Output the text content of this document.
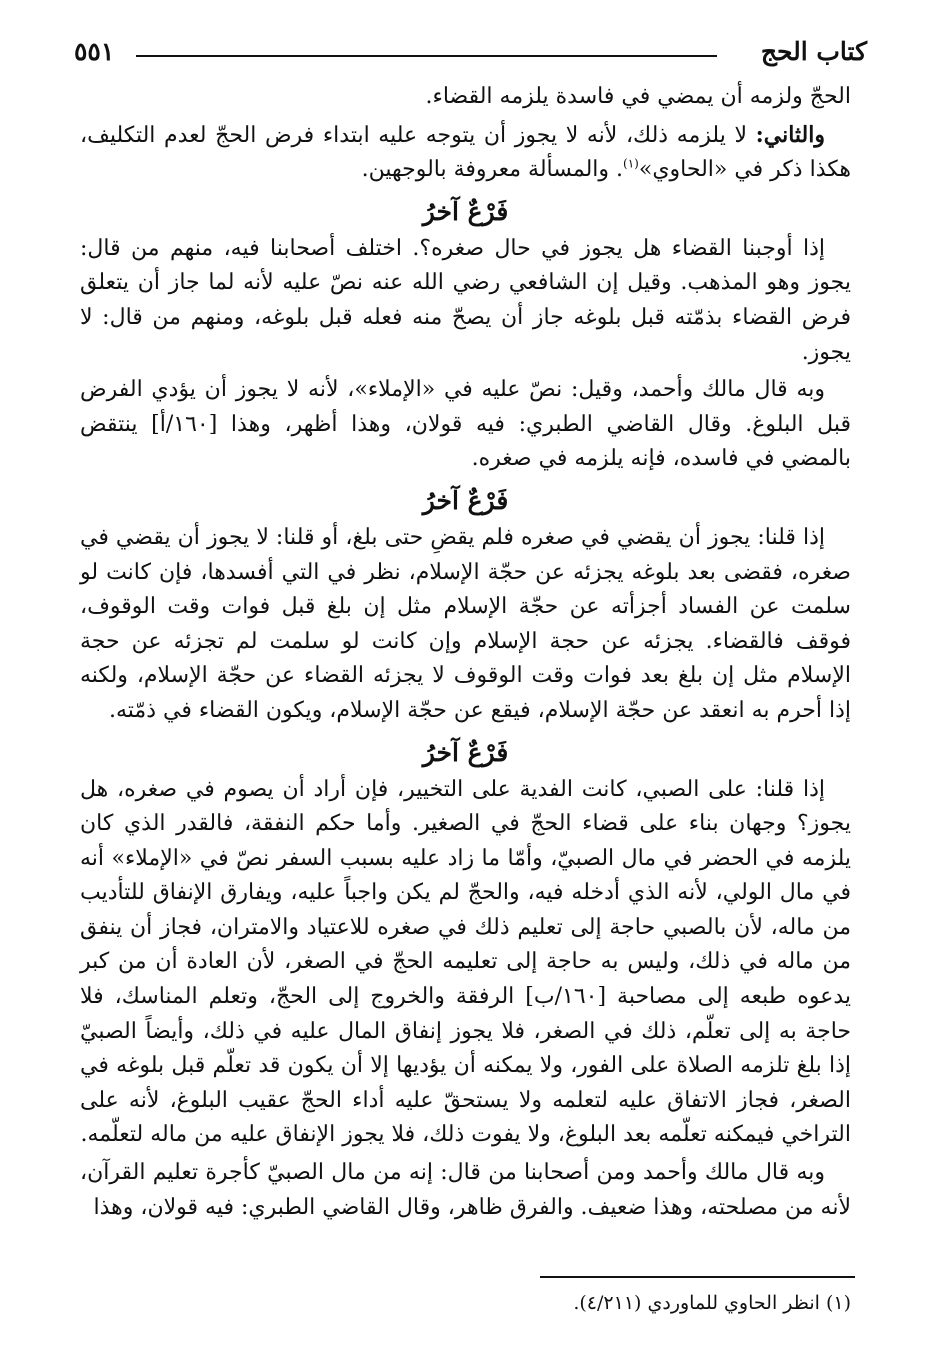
كتاب الحج
٥٥١

الحجّ ولزمه أن يمضي في فاسدة يلزمه القضاء.

والثاني: لا يلزمه ذلك، لأنه لا يجوز أن يتوجه عليه ابتداء فرض الحجّ لعدم التكليف، هكذا ذكر في «الحاوي»$^{(١)}$. والمسألة معروفة بالوجهين.

فَرْعٌ آخرُ

إذا أوجبنا القضاء هل يجوز في حال صغره؟. اختلف أصحابنا فيه، منهم من قال: يجوز وهو المذهب. وقيل إن الشافعي رضي الله عنه نصّ عليه لأنه لما جاز أن يتعلق فرض القضاء بذمّته قبل بلوغه جاز أن يصحّ منه فعله قبل بلوغه، ومنهم من قال: لا يجوز.

وبه قال مالك وأحمد، وقيل: نصّ عليه في «الإملاء»، لأنه لا يجوز أن يؤدي الفرض قبل البلوغ. وقال القاضي الطبري: فيه قولان، وهذا أظهر، وهذا [١٦٠/أ] ينتقض بالمضي في فاسده، فإنه يلزمه في صغره.

فَرْعٌ آخرُ

إذا قلنا: يجوز أن يقضي في صغره فلم يقضِ حتى بلغ، أو قلنا: لا يجوز أن يقضي في صغره، فقضى بعد بلوغه يجزئه عن حجّة الإسلام، نظر في التي أفسدها، فإن كانت لو سلمت عن الفساد أجزأته عن حجّة الإسلام مثل إن بلغ قبل فوات وقت الوقوف، فوقف فالقضاء. يجزئه عن حجة الإسلام وإن كانت لو سلمت لم تجزئه عن حجة الإسلام مثل إن بلغ بعد فوات وقت الوقوف لا يجزئه القضاء عن حجّة الإسلام، ولكنه إذا أحرم به انعقد عن حجّة الإسلام، فيقع عن حجّة الإسلام، ويكون القضاء في ذمّته.

فَرْعٌ آخرُ

إذا قلنا: على الصبي، كانت الفدية على التخيير، فإن أراد أن يصوم في صغره، هل يجوز؟ وجهان بناء على قضاء الحجّ في الصغير. وأما حكم النفقة، فالقدر الذي كان يلزمه في الحضر في مال الصبيّ، وأمّا ما زاد عليه بسبب السفر نصّ في «الإملاء» أنه في مال الولي، لأنه الذي أدخله فيه، والحجّ لم يكن واجباً عليه، ويفارق الإنفاق للتأديب من ماله، لأن بالصبي حاجة إلى تعليم ذلك في صغره للاعتياد والامتران، فجاز أن ينفق من ماله في ذلك، وليس به حاجة إلى تعليمه الحجّ في الصغر، لأن العادة أن من كبر يدعوه طبعه إلى مصاحبة [١٦٠/ب] الرفقة والخروج إلى الحجّ، وتعلم المناسك، فلا حاجة به إلى تعلّم، ذلك في الصغر، فلا يجوز إنفاق المال عليه في ذلك، وأيضاً الصبيّ إذا بلغ تلزمه الصلاة على الفور، ولا يمكنه أن يؤديها إلا أن يكون قد تعلّم قبل بلوغه في الصغر، فجاز الاتفاق عليه لتعلمه ولا يستحقّ عليه أداء الحجّ عقيب البلوغ، لأنه على التراخي فيمكنه تعلّمه بعد البلوغ، ولا يفوت ذلك، فلا يجوز الإنفاق عليه من ماله لتعلّمه.

وبه قال مالك وأحمد ومن أصحابنا من قال: إنه من مال الصبيّ كأجرة تعليم القرآن، لأنه من مصلحته، وهذا ضعيف. والفرق ظاهر، وقال القاضي الطبري: فيه قولان، وهذا

(١) انظر الحاوي للماوردي (٤/٢١١).
